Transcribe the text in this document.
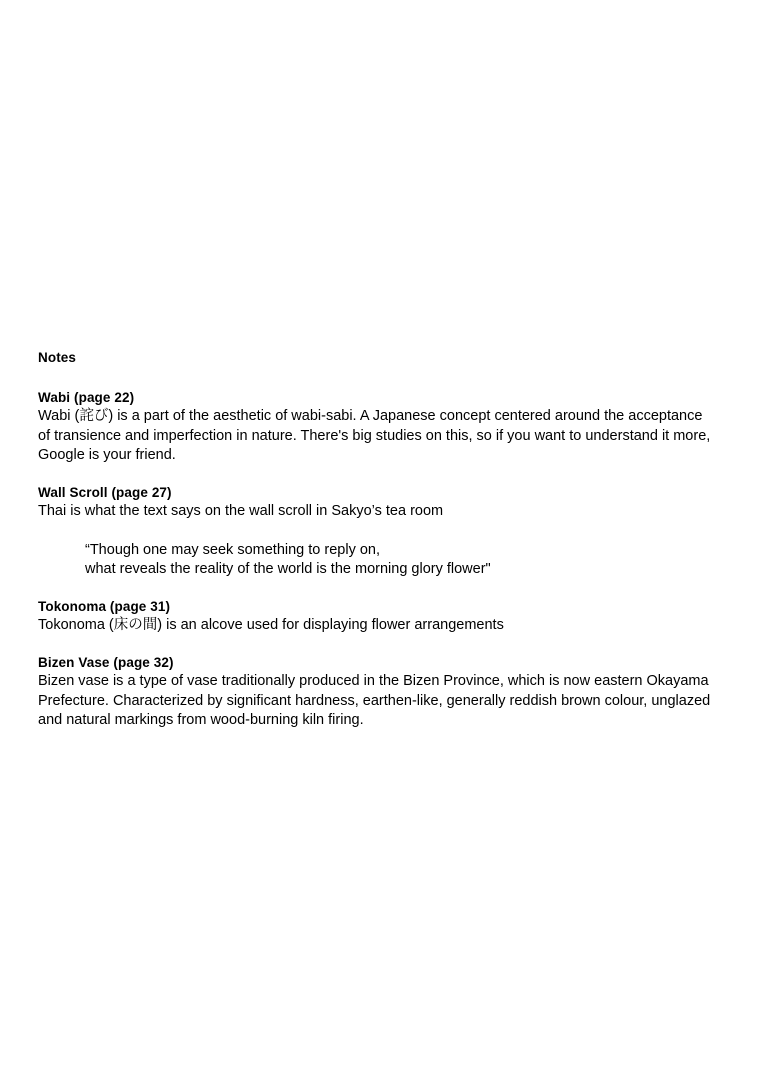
Notes

Wabi (page 22)

Wabi (詫び) is a part of the aesthetic of wabi-sabi. A Japanese concept centered around the acceptance of transience and imperfection in nature. There's big studies on this, so if you want to understand it more, Google is your friend.

Wall Scroll (page 27)

Thai is what the text says on the wall scroll in Sakyo’s tea room

“Though one may seek something to reply on,

what reveals the reality of the world is the morning glory flower"

Tokonoma (page 31)

Tokonoma (床の間) is an alcove used for displaying flower arrangements

Bizen Vase (page 32)

Bizen vase is a type of vase traditionally produced in the Bizen Province, which is now eastern Okayama Prefecture. Characterized by significant hardness, earthen-like, generally reddish brown colour, unglazed and natural markings from wood-burning kiln firing.
